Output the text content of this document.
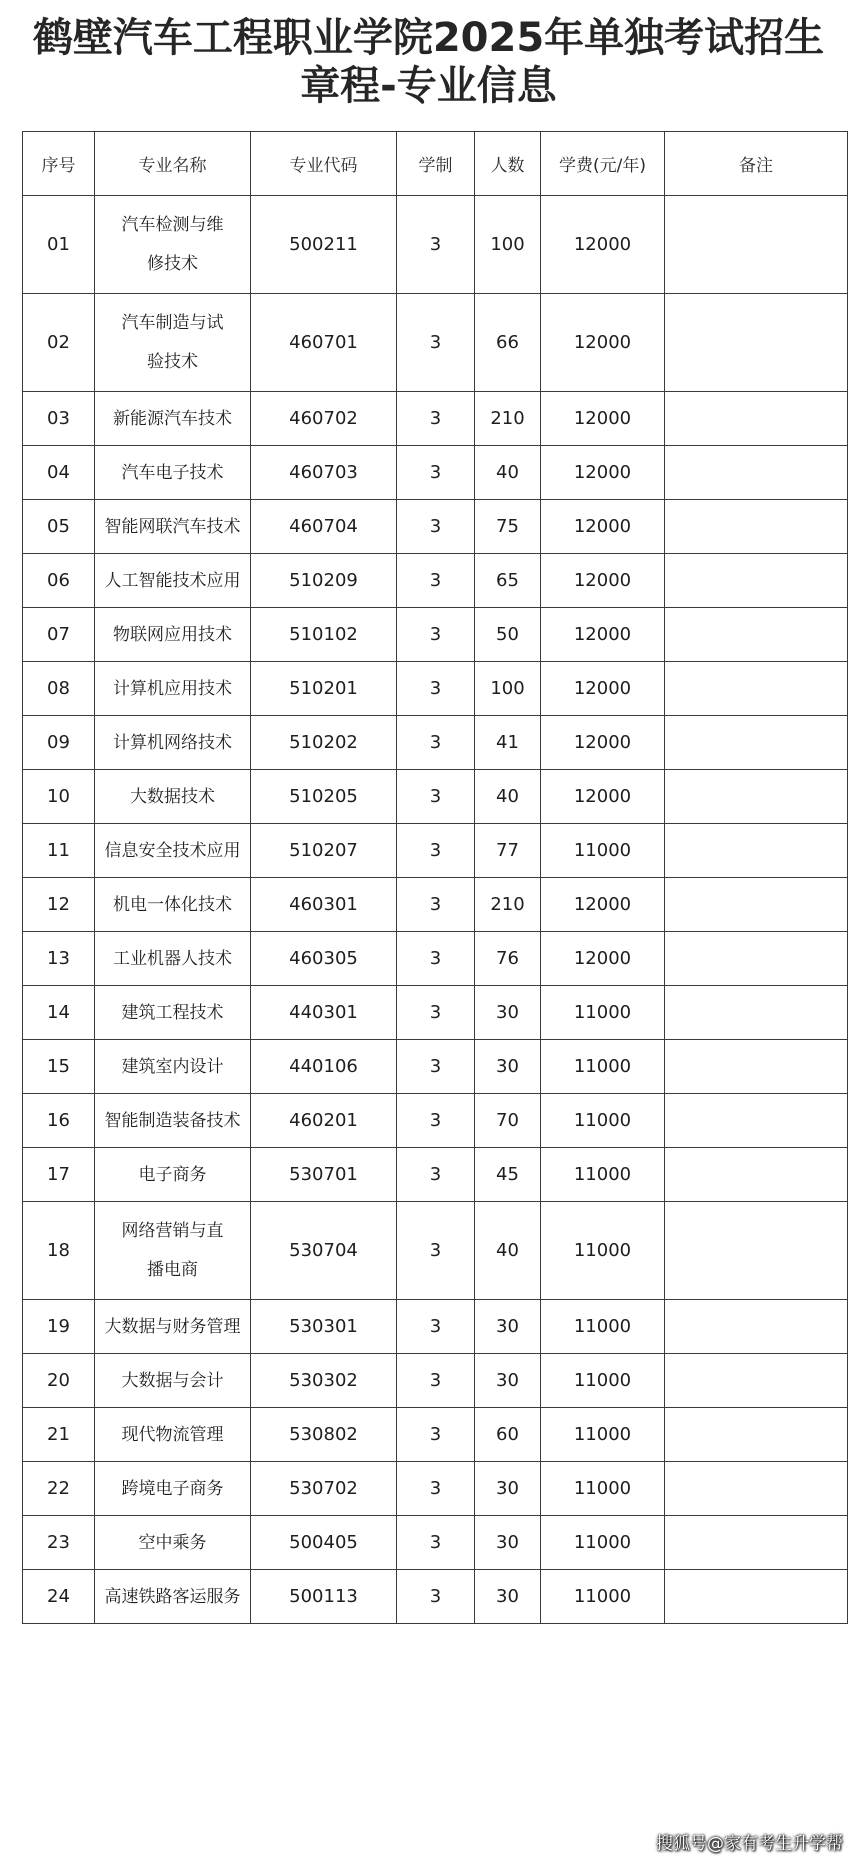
鹤壁汽车工程职业学院2025年单独考试招生
章程-专业信息
序号	专业名称	专业代码	学制	人数	学费(元/年)	备注
01	汽车检测与维修技术	500211	3	100	12000	
02	汽车制造与试验技术	460701	3	66	12000	
03	新能源汽车技术	460702	3	210	12000	
04	汽车电子技术	460703	3	40	12000	
05	智能网联汽车技术	460704	3	75	12000	
06	人工智能技术应用	510209	3	65	12000	
07	物联网应用技术	510102	3	50	12000	
08	计算机应用技术	510201	3	100	12000	
09	计算机网络技术	510202	3	41	12000	
10	大数据技术	510205	3	40	12000	
11	信息安全技术应用	510207	3	77	11000	
12	机电一体化技术	460301	3	210	12000	
13	工业机器人技术	460305	3	76	12000	
14	建筑工程技术	440301	3	30	11000	
15	建筑室内设计	440106	3	30	11000	
16	智能制造装备技术	460201	3	70	11000	
17	电子商务	530701	3	45	11000	
18	网络营销与直播电商	530704	3	40	11000	
19	大数据与财务管理	530301	3	30	11000	
20	大数据与会计	530302	3	30	11000	
21	现代物流管理	530802	3	60	11000	
22	跨境电子商务	530702	3	30	11000	
23	空中乘务	500405	3	30	11000	
24	高速铁路客运服务	500113	3	30	11000	
搜狐号@家有考生升学帮
